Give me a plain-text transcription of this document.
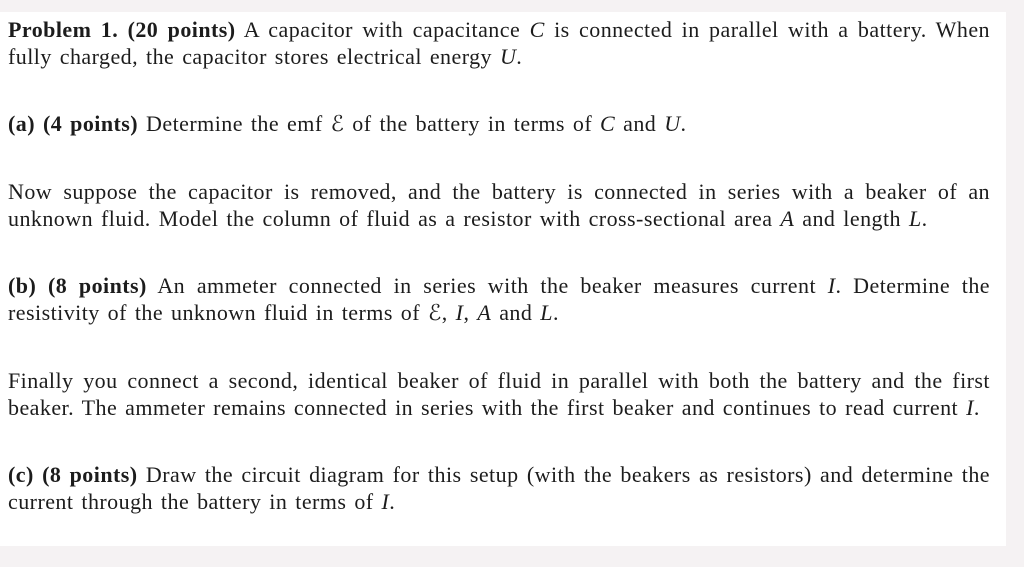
Problem 1. (20 points) A capacitor with capacitance C is connected in parallel with a battery. When fully charged, the capacitor stores electrical energy U.

(a) (4 points) Determine the emf ℰ of the battery in terms of C and U.

Now suppose the capacitor is removed, and the battery is connected in series with a beaker of an unknown fluid. Model the column of fluid as a resistor with cross-sectional area A and length L.

(b) (8 points) An ammeter connected in series with the beaker measures current I. Determine the resistivity of the unknown fluid in terms of ℰ, I, A and L.

Finally you connect a second, identical beaker of fluid in parallel with both the battery and the first beaker. The ammeter remains connected in series with the first beaker and continues to read current I.

(c) (8 points) Draw the circuit diagram for this setup (with the beakers as resistors) and determine the current through the battery in terms of I.
